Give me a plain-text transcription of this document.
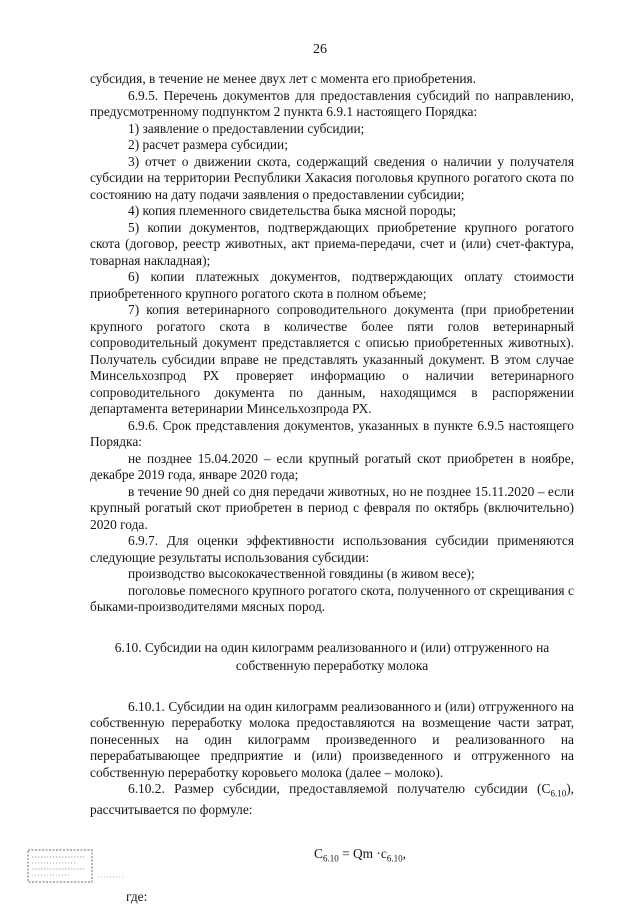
26

субсидия, в течение не менее двух лет с момента его приобретения.

6.9.5. Перечень документов для предоставления субсидий по направлению, предусмотренному подпунктом 2 пункта 6.9.1 настоящего Порядка:

1) заявление о предоставлении субсидии;

2) расчет размера субсидии;

3) отчет о движении скота, содержащий сведения о наличии у получателя субсидии на территории Республики Хакасия поголовья крупного рогатого скота по состоянию на дату подачи заявления о предоставлении субсидии;

4) копия племенного свидетельства быка мясной породы;

5) копии документов, подтверждающих приобретение крупного рогатого скота (договор, реестр животных, акт приема-передачи, счет и (или) счет-фактура, товарная накладная);

6) копии платежных документов, подтверждающих оплату стоимости приобретенного крупного рогатого скота в полном объеме;

7) копия ветеринарного сопроводительного документа (при приобретении крупного рогатого скота в количестве более пяти голов ветеринарный сопроводительный документ представляется с описью приобретенных животных). Получатель субсидии вправе не представлять указанный документ. В этом случае Минсельхозпрод РХ проверяет информацию о наличии ветеринарного сопроводительного документа по данным, находящимся в распоряжении департамента ветеринарии Минсельхозпрода РХ.

6.9.6. Срок представления документов, указанных в пункте 6.9.5 настоящего Порядка:

не позднее 15.04.2020 – если крупный рогатый скот приобретен в ноябре, декабре 2019 года, январе 2020 года;

в течение 90 дней со дня передачи животных, но не позднее 15.11.2020 – если крупный рогатый скот приобретен в период с февраля по октябрь (включительно) 2020 года.

6.9.7. Для оценки эффективности использования субсидии применяются следующие результаты использования субсидии:

производство высококачественной говядины (в живом весе);

поголовье помесного крупного рогатого скота, полученного от скрещивания с быками-производителями мясных пород.

6.10. Субсидии на один килограмм реализованного и (или) отгруженного на
собственную переработку молока

6.10.1. Субсидии на один килограмм реализованного и (или) отгруженного на собственную переработку молока предоставляются на возмещение части затрат, понесенных на один килограмм произведенного и реализованного на перерабатывающее предприятие и (или) произведенного и отгруженного на собственную переработку коровьего молока (далее – молоко).

6.10.2. Размер субсидии, предоставляемой получателю субсидии $(С_{6.10})$, рассчитывается по формуле:

$С_{6.10} = Qm \cdot c_{6.10}$,

где:
